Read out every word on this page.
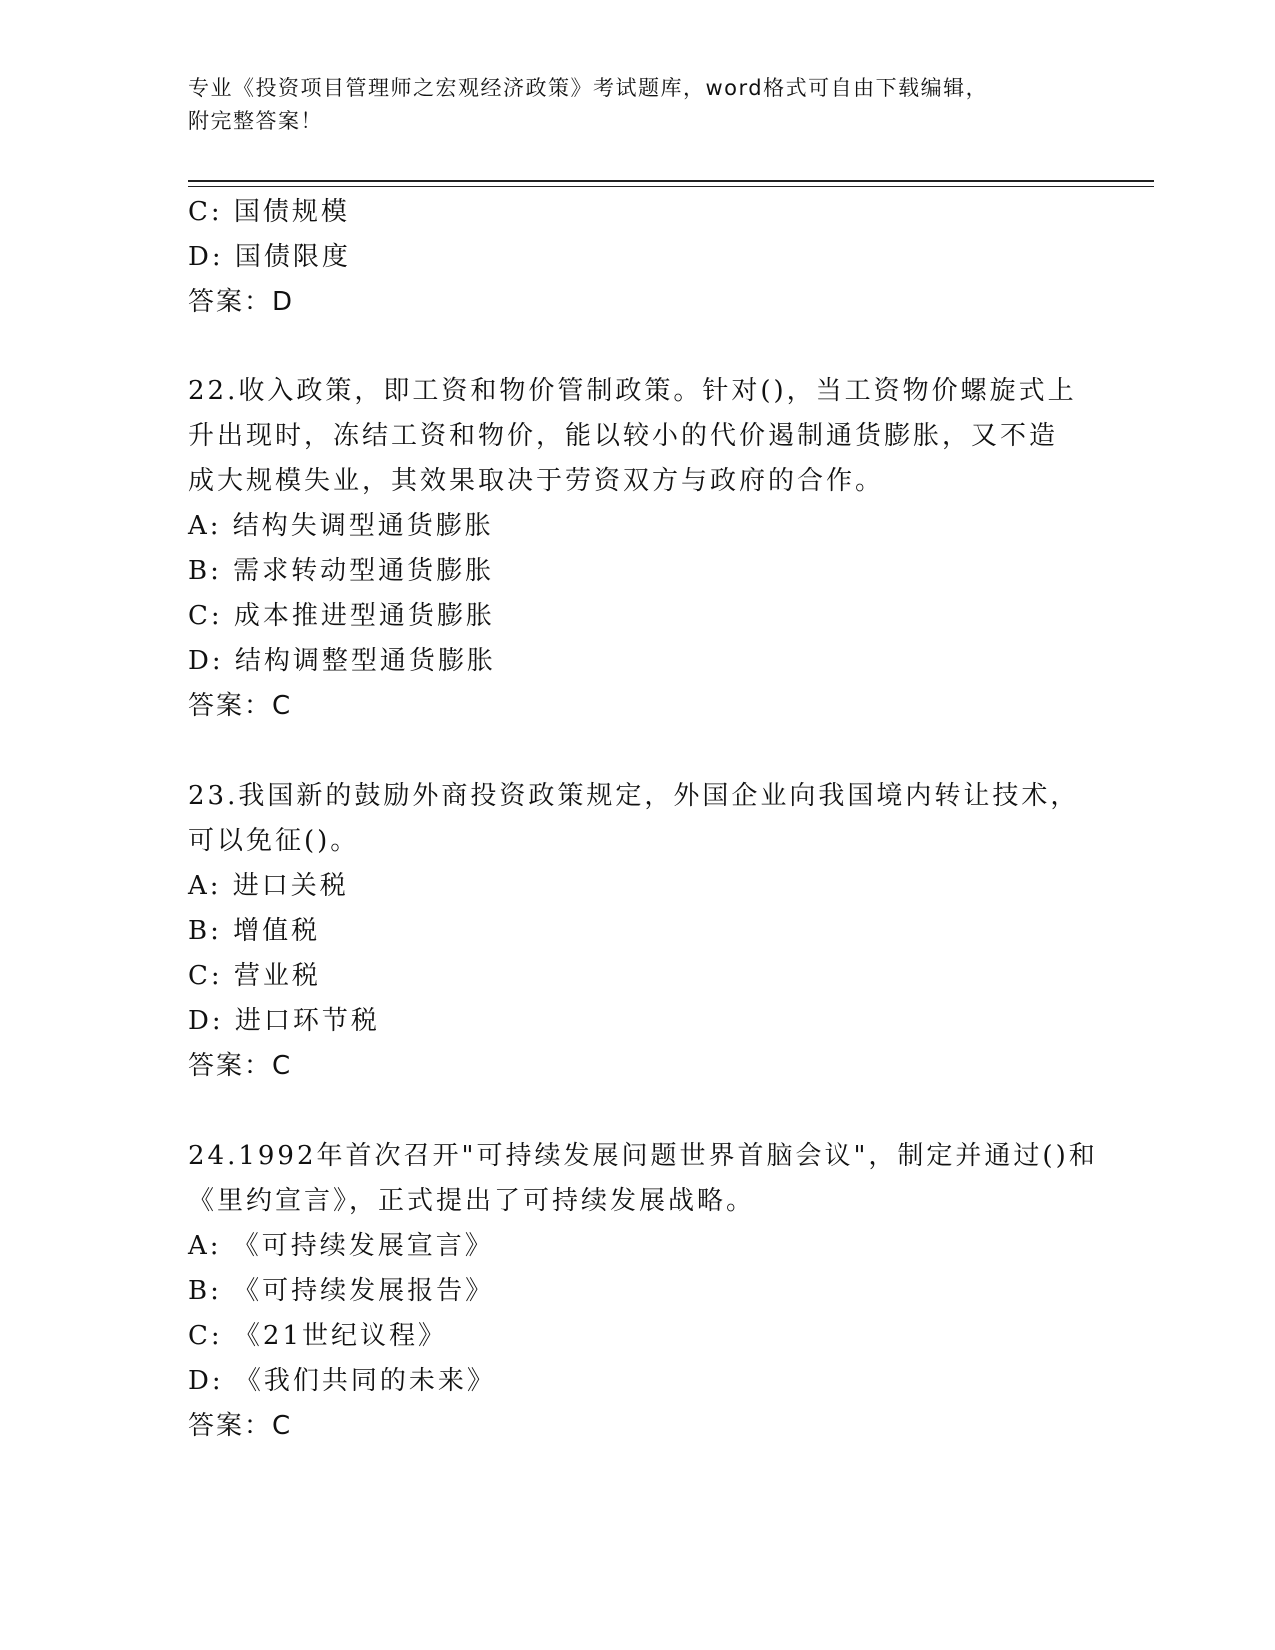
专业《投资项目管理师之宏观经济政策》考试题库，word格式可自由下载编辑，
附完整答案！
C: 国债规模
D: 国债限度
答案：D
22.收入政策，即工资和物价管制政策。针对()，当工资物价螺旋式上
升出现时，冻结工资和物价，能以较小的代价遏制通货膨胀，又不造
成大规模失业，其效果取决于劳资双方与政府的合作。
A: 结构失调型通货膨胀
B: 需求转动型通货膨胀
C: 成本推进型通货膨胀
D: 结构调整型通货膨胀
答案：C
23.我国新的鼓励外商投资政策规定，外国企业向我国境内转让技术，
可以免征()。
A: 进口关税
B: 增值税
C: 营业税
D: 进口环节税
答案：C
24.1992年首次召开"可持续发展问题世界首脑会议"，制定并通过()和
《里约宣言》，正式提出了可持续发展战略。
A: 《可持续发展宣言》
B: 《可持续发展报告》
C: 《21世纪议程》
D: 《我们共同的未来》
答案：C
